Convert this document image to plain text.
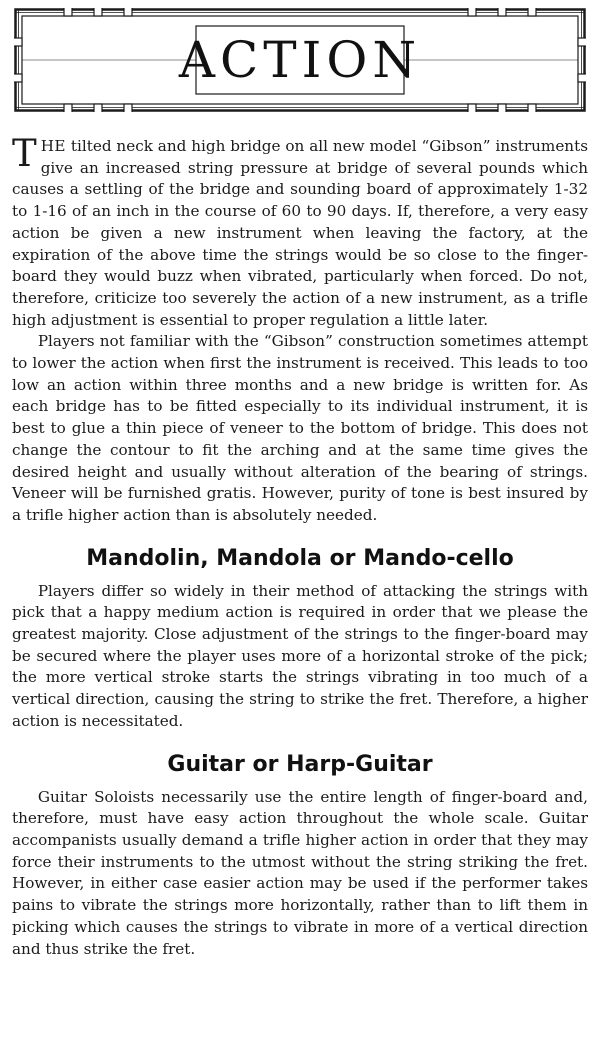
ACTION

THE tilted neck and high bridge on all new model “Gibson” instruments give an increased string pressure at bridge of several pounds which causes a settling of the bridge and sounding board of approximately 1-32 to 1-16 of an inch in the course of 60 to 90 days. If, therefore, a very easy action be given a new instrument when leaving the factory, at the expiration of the above time the strings would be so close to the finger-board they would buzz when vibrated, particularly when forced. Do not, therefore, criticize too severely the action of a new instrument, as a trifle high adjustment is essential to proper regulation a little later.

Players not familiar with the “Gibson” construction sometimes attempt to lower the action when first the instrument is received. This leads to too low an action within three months and a new bridge is written for. As each bridge has to be fitted especially to its individual instrument, it is best to glue a thin piece of veneer to the bottom of bridge. This does not change the contour to fit the arching and at the same time gives the desired height and usually without alteration of the bearing of strings. Veneer will be furnished gratis. However, purity of tone is best insured by a trifle higher action than is absolutely needed.

Mandolin, Mandola or Mando-cello

Players differ so widely in their method of attacking the strings with pick that a happy medium action is required in order that we please the greatest majority. Close adjustment of the strings to the finger-board may be secured where the player uses more of a horizontal stroke of the pick; the more vertical stroke starts the strings vibrating in too much of a vertical direction, causing the string to strike the fret. Therefore, a higher action is necessitated.

Guitar or Harp-Guitar

Guitar Soloists necessarily use the entire length of finger-board and, therefore, must have easy action throughout the whole scale. Guitar accompanists usually demand a trifle higher action in order that they may force their instruments to the utmost without the string striking the fret. However, in either case easier action may be used if the performer takes pains to vibrate the strings more horizontally, rather than to lift them in picking which causes the strings to vibrate in more of a vertical direction and thus strike the fret.
